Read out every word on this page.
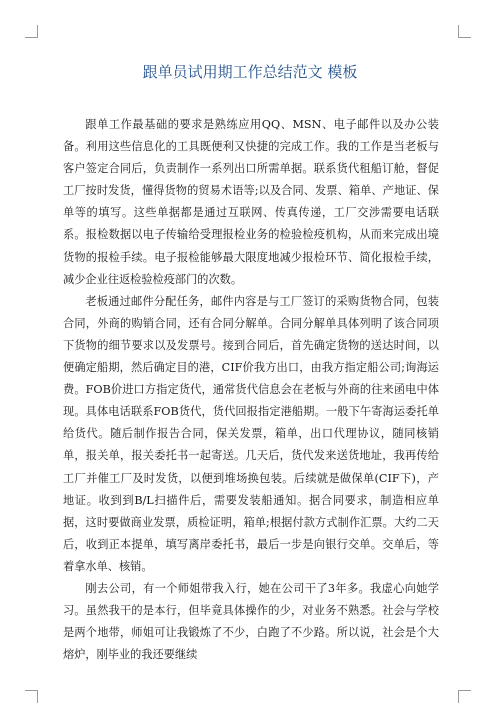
跟单员试用期工作总结范文 模板

跟单工作最基础的要求是熟练应用QQ、MSN、电子邮件以及办公装备。利用这些信息化的工具既便利又快捷的完成工作。我的工作是当老板与客户签定合同后，负责制作一系列出口所需单据。联系货代租船订舱，督促工厂按时发货，懂得货物的贸易术语等;以及合同、发票、箱单、产地证、保单等的填写。这些单据都是通过互联网、传真传递，工厂交涉需要电话联系。报检数据以电子传输给受理报检业务的检验检疫机构，从而来完成出境货物的报检手续。电子报检能够最大限度地减少报检环节、简化报检手续，减少企业往返检验检疫部门的次数。

老板通过邮件分配任务，邮件内容是与工厂签订的采购货物合同，包装合同，外商的购销合同，还有合同分解单。合同分解单具体列明了该合同项下货物的细节要求以及发票号。接到合同后，首先确定货物的送达时间，以便确定船期，然后确定目的港，CIF价我方出口，由我方指定船公司;询海运费。FOB价进口方指定货代，通常货代信息会在老板与外商的往来函电中体现。具体电话联系FOB货代，货代回报指定港船期。一般下午寄海运委托单给货代。随后制作报告合同，保关发票，箱单，出口代理协议，随同核销单，报关单，报关委托书一起寄送。几天后，货代发来送货地址，我再传给工厂并催工厂及时发货，以便到堆场换包装。后续就是做保单(CIF下)，产地证。收到到B/L扫描件后，需要发装船通知。据合同要求，制造相应单据，这时要做商业发票，质检证明，箱单;根据付款方式制作汇票。大约二天后，收到正本提单，填写离岸委托书，最后一步是向银行交单。交单后，等着拿水单、核销。

刚去公司，有一个师姐带我入行，她在公司干了3年多。我虚心向她学习。虽然我干的是本行，但毕竟具体操作的少，对业务不熟悉。社会与学校是两个地带，师姐可让我锻炼了不少，白跑了不少路。所以说，社会是个大熔炉，刚毕业的我还要继续
